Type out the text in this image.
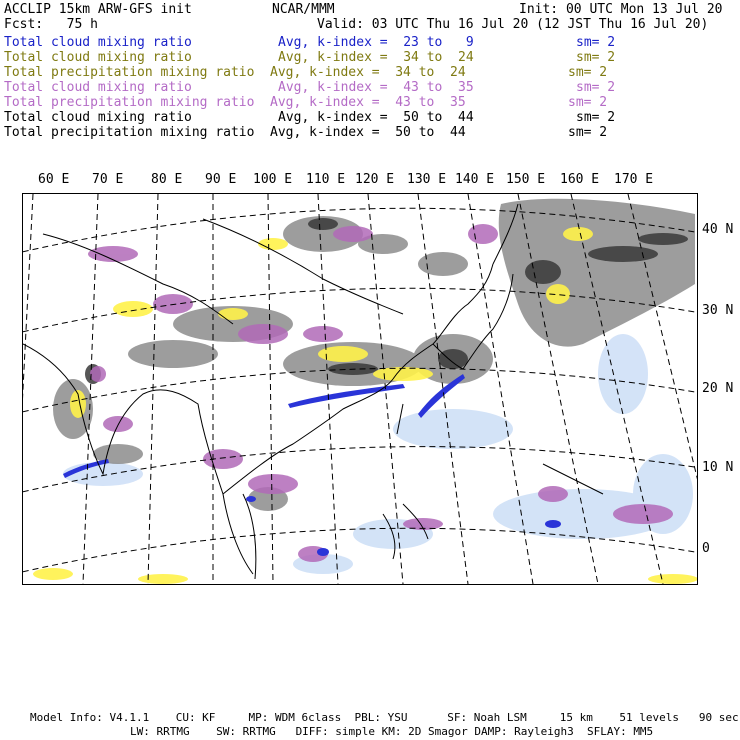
ACCLIP 15km ARW-GFS init	NCAR/MMM	Init: 00 UTC Mon 13 Jul 20
Fcst:   75 h	Valid: 03 UTC Thu 16 Jul 20 (12 JST Thu 16 Jul 20)
Total cloud mixing ratio	Avg, k-index =  23 to   9	sm= 2
Total cloud mixing ratio	Avg, k-index =  34 to  24	sm= 2
Total precipitation mixing ratio Avg, k-index =  34 to  24	sm= 2
Total cloud mixing ratio	Avg, k-index =  43 to  35	sm= 2
Total precipitation mixing ratio Avg, k-index =  43 to  35	sm= 2
Total cloud mixing ratio	Avg, k-index =  50 to  44	sm= 2
Total precipitation mixing ratio Avg, k-index =  50 to  44	sm= 2
60 E 70 E 80 E 90 E 100 E 110 E 120 E 130 E 140 E 150 E 160 E 170 E
40 N
30 N
20 N
10 N
0
Model Info: V4.1.1    CU: KF     MP: WDM 6class  PBL: YSU      SF: Noah LSM     15 km    51 levels   90 sec
LW: RRTMG    SW: RRTMG   DIFF: simple KM: 2D Smagor DAMP: Rayleigh3  SFLAY: MM5
